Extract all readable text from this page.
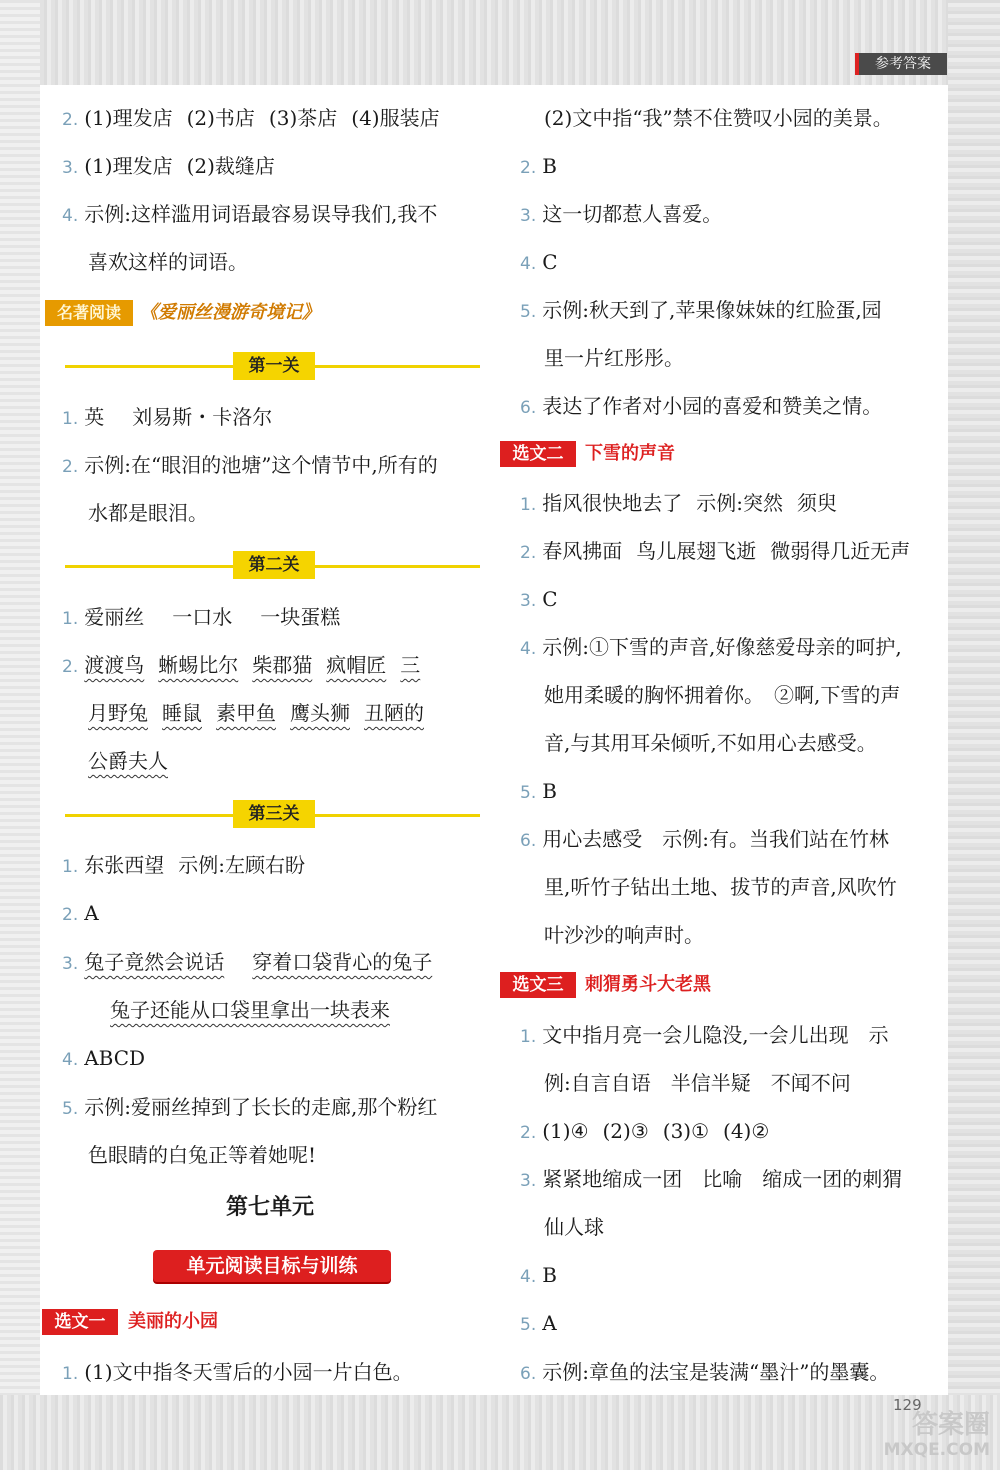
参考答案
2. (1)理发店 (2)书店 (3)茶店 (4)服装店
3. (1)理发店 (2)裁缝店
4. 示例:这样滥用词语最容易误导我们,我不
喜欢这样的词语。
名著阅读	《爱丽丝漫游奇境记》
第一关
1. 英 刘易斯・卡洛尔
2. 示例:在“眼泪的池塘”这个情节中,所有的
水都是眼泪。
第二关
1. 爱丽丝 一口水 一块蛋糕
2. 渡渡鸟 蜥蜴比尔 柴郡猫 疯帽匠 三
月野兔 睡鼠 素甲鱼 鹰头狮 丑陋的
公爵夫人
第三关
1. 东张西望 示例:左顾右盼
2. A
3. 兔子竟然会说话 穿着口袋背心的兔子
兔子还能从口袋里拿出一块表来
4. ABCD
5. 示例:爱丽丝掉到了长长的走廊,那个粉红
色眼睛的白兔正等着她呢!
第七单元
单元阅读目标与训练
选文一	美丽的小园
1. (1)文中指冬天雪后的小园一片白色。
(2)文中指“我”禁不住赞叹小园的美景。
2. B
3. 这一切都惹人喜爱。
4. C
5. 示例:秋天到了,苹果像妹妹的红脸蛋,园
里一片红彤彤。
6. 表达了作者对小园的喜爱和赞美之情。
选文二	下雪的声音
1. 指风很快地去了 示例:突然 须臾
2. 春风拂面 鸟儿展翅飞逝 微弱得几近无声
3. C
4. 示例:①下雪的声音,好像慈爱母亲的呵护,
她用柔暖的胸怀拥着你。　②啊,下雪的声
音,与其用耳朵倾听,不如用心去感受。
5. B
6. 用心去感受　示例:有。当我们站在竹林
里,听竹子钻出土地、拔节的声音,风吹竹
叶沙沙的响声时。
选文三	刺猬勇斗大老黑
1. 文中指月亮一会儿隐没,一会儿出现　示
例:自言自语　半信半疑　不闻不问
2. (1)④ (2)③ (3)① (4)②
3. 紧紧地缩成一团　比喻　缩成一团的刺猬
仙人球
4. B
5. A
6. 示例:章鱼的法宝是装满“墨汁”的墨囊。
129
答案圈
MXQE.COM
